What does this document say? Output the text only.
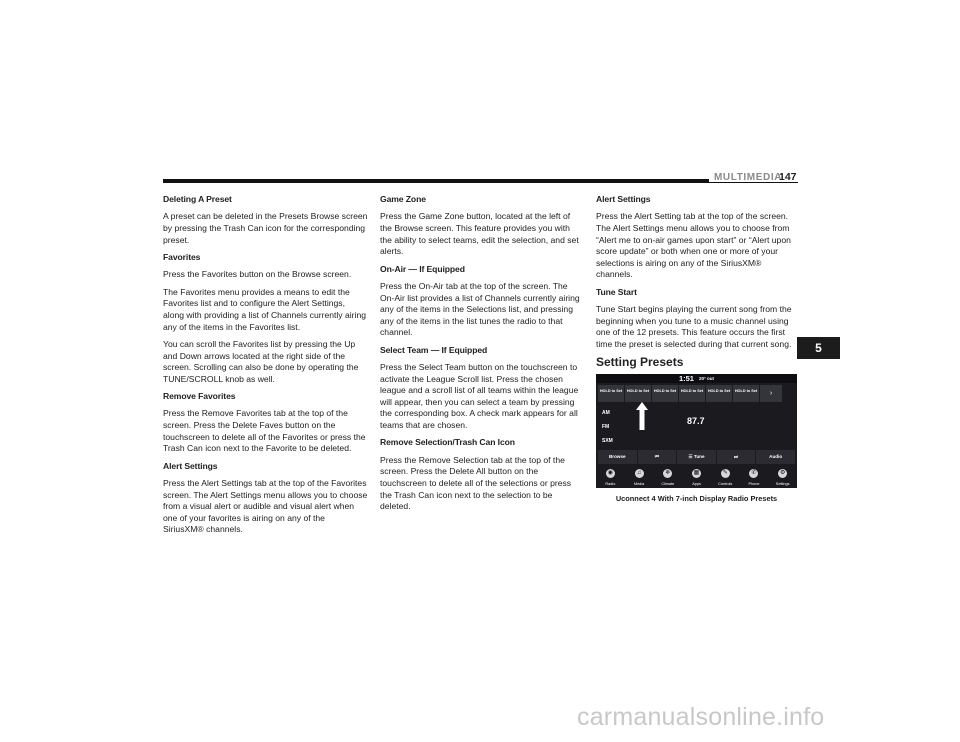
MULTIMEDIA
147
5

Deleting A Preset

A preset can be deleted in the Presets Browse screen by pressing the Trash Can icon for the corresponding preset.

Favorites

Press the Favorites button on the Browse screen.

The Favorites menu provides a means to edit the Favorites list and to configure the Alert Settings, along with providing a list of Channels currently airing any of the items in the Favorites list.

You can scroll the Favorites list by pressing the Up and Down arrows located at the right side of the screen. Scrolling can also be done by operating the TUNE/SCROLL knob as well.

Remove Favorites

Press the Remove Favorites tab at the top of the screen. Press the Delete Faves button on the touchscreen to delete all of the Favorites or press the Trash Can icon next to the Favorite to be deleted.

Alert Settings

Press the Alert Settings tab at the top of the Favorites screen. The Alert Settings menu allows you to choose from a visual alert or audible and visual alert when one of your favorites is airing on any of the SiriusXM® channels.

Game Zone

Press the Game Zone button, located at the left of the Browse screen. This feature provides you with the ability to select teams, edit the selection, and set alerts.

On-Air — If Equipped

Press the On-Air tab at the top of the screen. The On-Air list provides a list of Channels currently airing any of the items in the Selections list, and pressing any of the items in the list tunes the radio to that channel.

Select Team — If Equipped

Press the Select Team button on the touchscreen to activate the League Scroll list. Press the chosen league and a scroll list of all teams within the league will appear, then you can select a team by pressing the corresponding box. A check mark appears for all teams that are chosen.

Remove Selection/Trash Can Icon

Press the Remove Selection tab at the top of the screen. Press the Delete All button on the touchscreen to delete all of the selections or press the Trash Can icon next to the selection to be deleted.

Alert Settings

Press the Alert Setting tab at the top of the screen. The Alert Settings menu allows you to choose from “Alert me to on-air games upon start” or “Alert upon score update” or both when one or more of your selections is airing on any of the SiriusXM® channels.

Tune Start

Tune Start begins playing the current song from the beginning when you tune to a music channel using one of the 12 presets. This feature occurs the first time the preset is selected during that current song.

Setting Presets
1:51 $^{20^\circ out}$
HOLD to Set	HOLD to Set	HOLD to Set	HOLD to Set	HOLD to Set	HOLD to Set	›
AM
FM
SXM
87.7
Browse	⏮	☰ Tune	⏭	Audio
◉
Radio
♫
Media
❄
Climate
▦
Apps
✎
Controls
✆
Phone
⚙
Settings
Uconnect 4 With 7-inch Display Radio Presets
carmanualsonline.info
